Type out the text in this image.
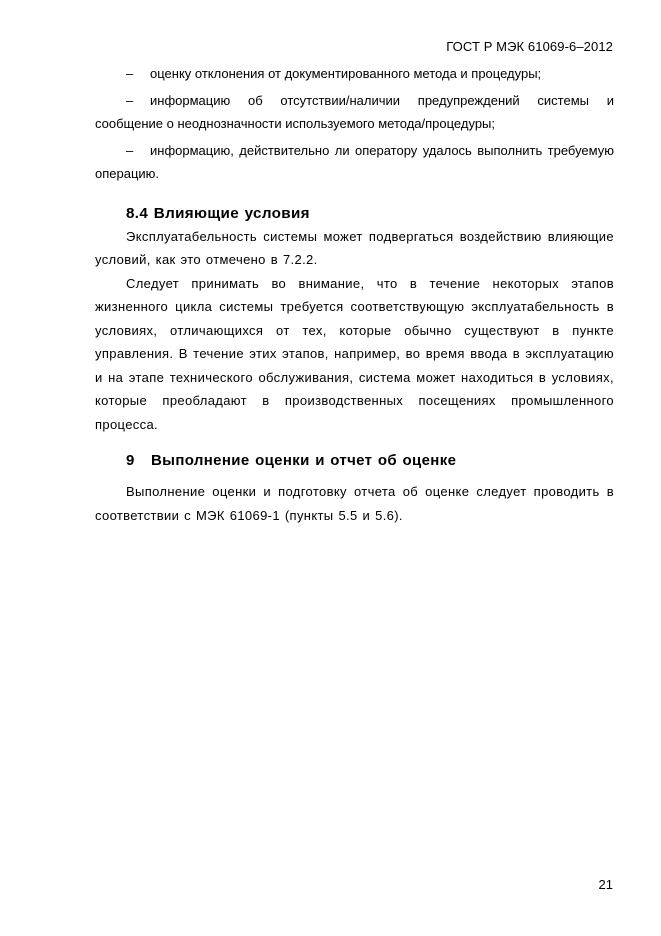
ГОСТ Р МЭК 61069-6–2012

– оценку отклонения от документированного метода и процедуры;

– информацию об отсутствии/наличии предупреждений системы и сообщение о неоднозначности используемого метода/процедуры;

– информацию, действительно ли оператору удалось выполнить требуемую операцию.

8.4 Влияющие условия

Эксплуатабельность системы может подвергаться воздействию влияющие условий, как это отмечено в 7.2.2.

Следует принимать во внимание, что в течение некоторых этапов жизненного цикла системы требуется соответствующую эксплуатабельность в условиях, отличающихся от тех, которые обычно существуют в пункте управления. В течение этих этапов, например, во время ввода в эксплуатацию и на этапе технического обслуживания, система может находиться в условиях, которые преобладают в производственных посещениях промышленного процесса.

9 Выполнение оценки и отчет об оценке

Выполнение оценки и подготовку отчета об оценке следует проводить в соответствии с МЭК 61069-1 (пункты 5.5 и 5.6).

21
